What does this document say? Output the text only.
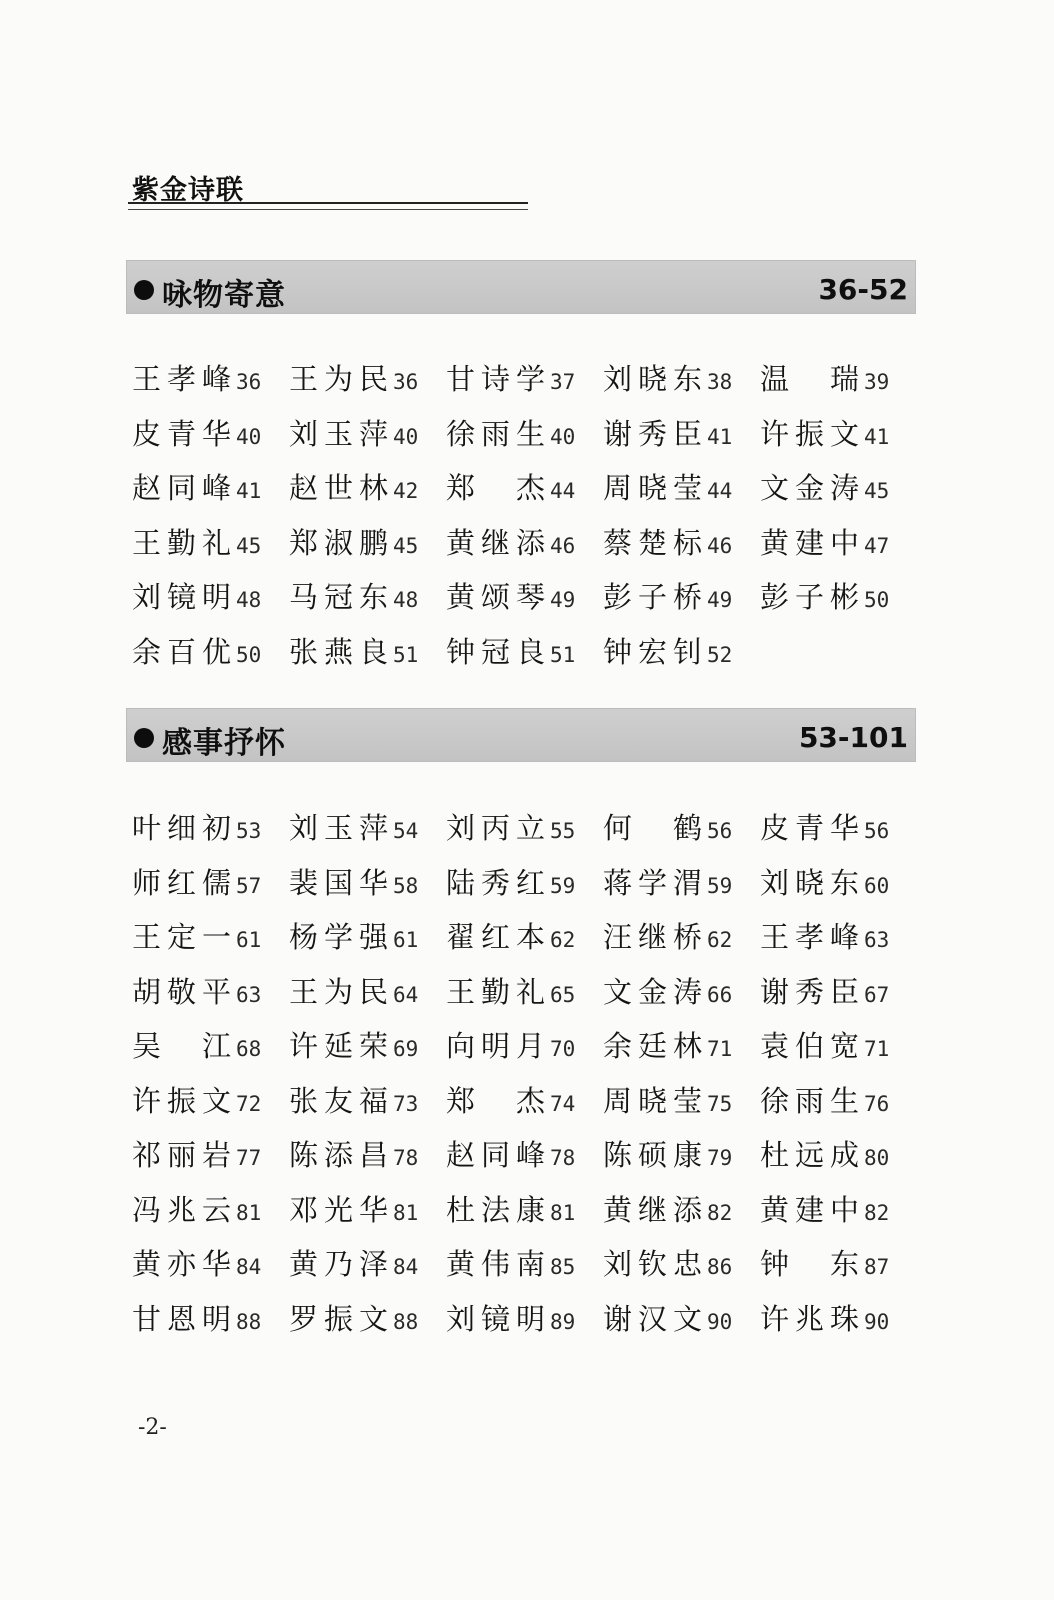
紫金诗联
咏物寄意	36-52
王孝峰36 王为民36 甘诗学37 刘晓东38 温　瑞39
皮青华40 刘玉萍40 徐雨生40 谢秀臣41 许振文41
赵同峰41 赵世林42 郑　杰44 周晓莹44 文金涛45
王勤礼45 郑淑鹏45 黄继添46 蔡楚标46 黄建中47
刘镜明48 马冠东48 黄颂琴49 彭子桥49 彭子彬50
余百优50 张燕良51 钟冠良51 钟宏钊52
感事抒怀	53-101
叶细初53 刘玉萍54 刘丙立55 何　鹤56 皮青华56
师红儒57 裴国华58 陆秀红59 蒋学渭59 刘晓东60
王定一61 杨学强61 翟红本62 汪继桥62 王孝峰63
胡敬平63 王为民64 王勤礼65 文金涛66 谢秀臣67
吴　江68 许延荣69 向明月70 余廷林71 袁伯宽71
许振文72 张友福73 郑　杰74 周晓莹75 徐雨生76
祁丽岩77 陈添昌78 赵同峰78 陈硕康79 杜远成80
冯兆云81 邓光华81 杜法康81 黄继添82 黄建中82
黄亦华84 黄乃泽84 黄伟南85 刘钦忠86 钟　东87
甘恩明88 罗振文88 刘镜明89 谢汉文90 许兆珠90
-2-
